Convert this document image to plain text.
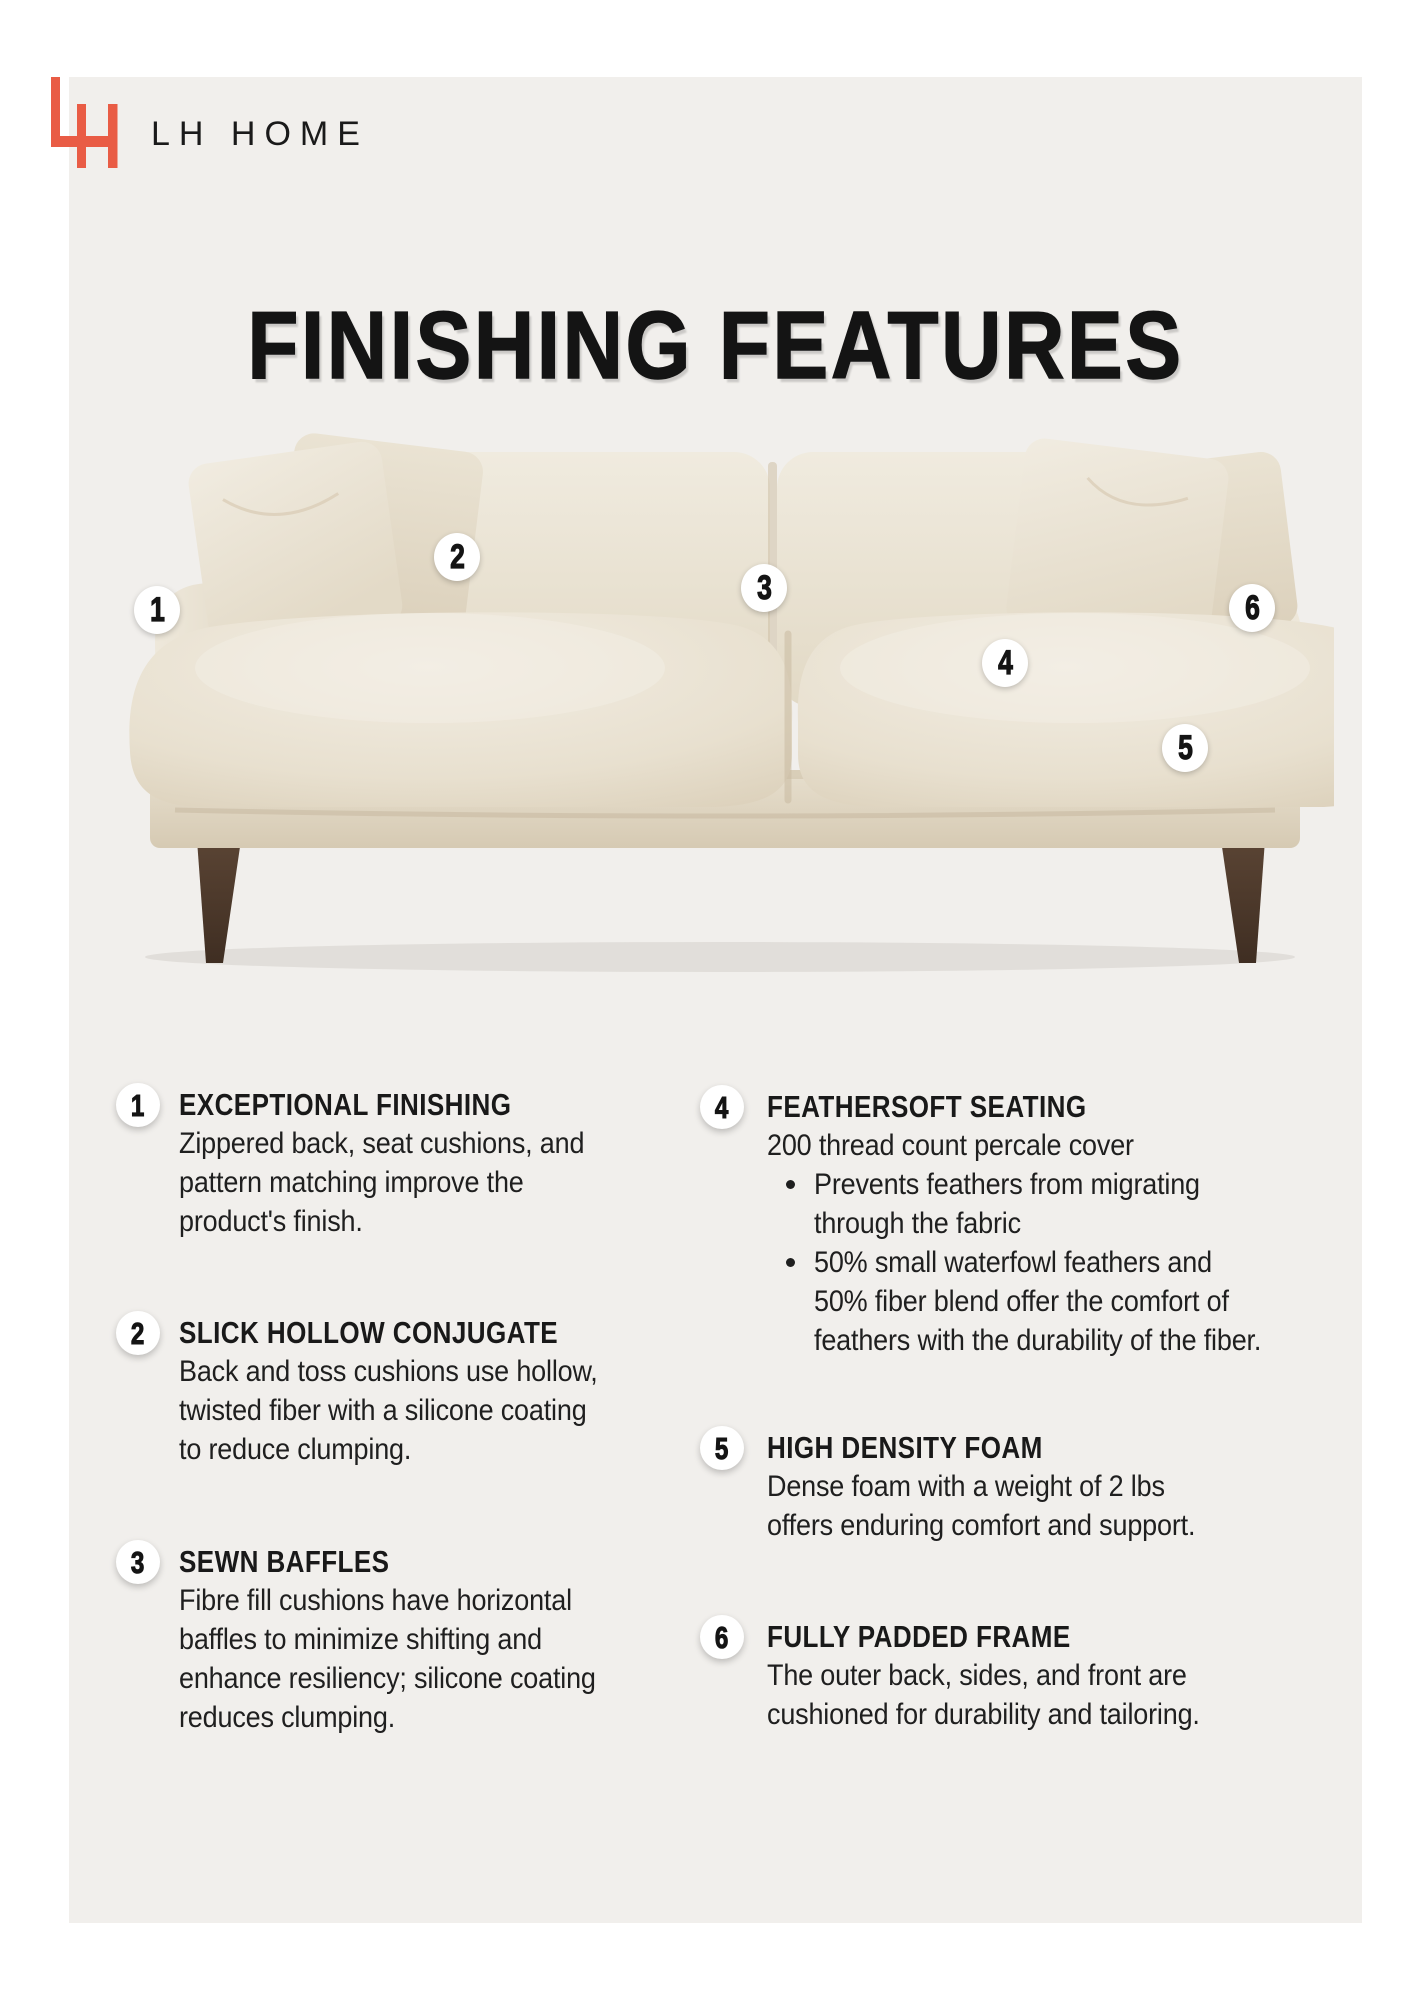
LH HOME
FINISHING FEATURES
1
2
3
4
5
6
1 EXCEPTIONAL FINISHING
Zippered back, seat cushions, and
pattern matching improve the
product's finish.
2 SLICK HOLLOW CONJUGATE
Back and toss cushions use hollow,
twisted fiber with a silicone coating
to reduce clumping.
3 SEWN BAFFLES
Fibre fill cushions have horizontal
baffles to minimize shifting and
enhance resiliency; silicone coating
reduces clumping.
4 FEATHERSOFT SEATING
200 thread count percale cover
Prevents feathers from migrating
through the fabric
50% small waterfowl feathers and
50% fiber blend offer the comfort of
feathers with the durability of the fiber.
5 HIGH DENSITY FOAM
Dense foam with a weight of 2 lbs
offers enduring comfort and support.
6 FULLY PADDED FRAME
The outer back, sides, and front are
cushioned for durability and tailoring.
